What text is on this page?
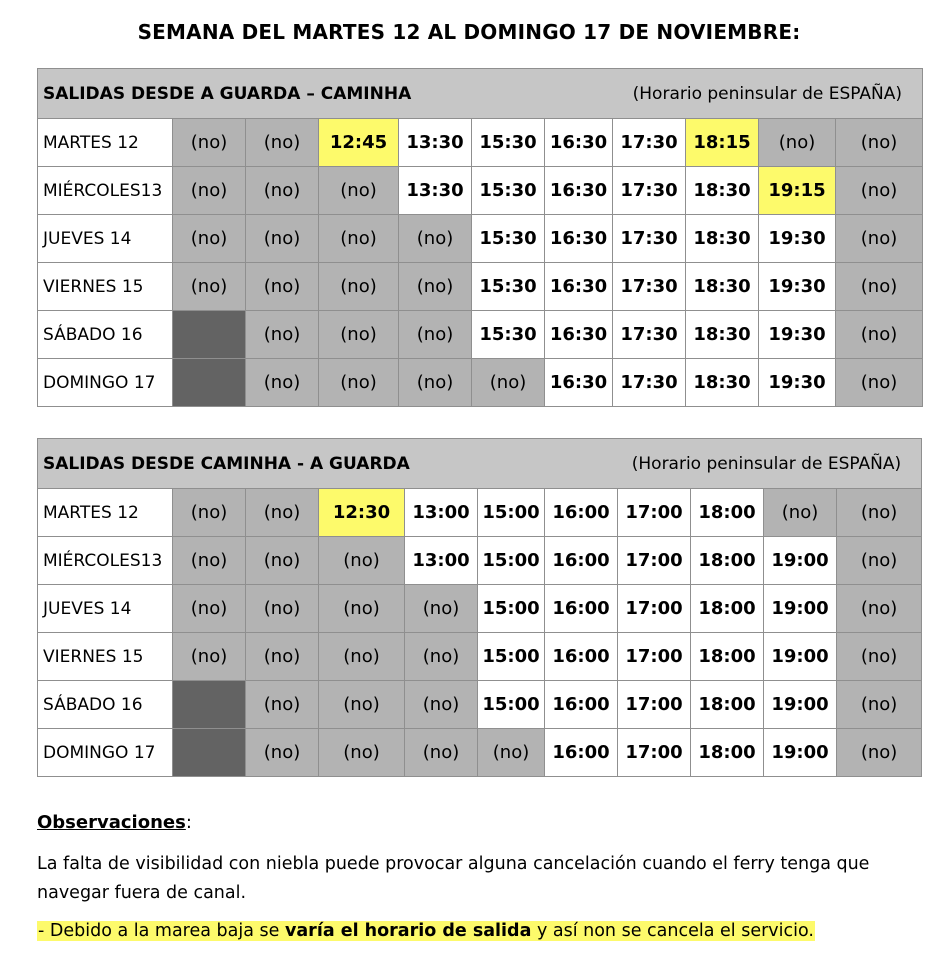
SEMANA DEL MARTES 12 AL DOMINGO 17 DE NOVIEMBRE:
SALIDAS DESDE A GUARDA – CAMINHA (Horario peninsular de ESPAÑA)										

MARTES 12	(no)	(no)	12:45	13:30	15:30	16:30	17:30	18:15	(no)	(no)
MIÉRCOLES13	(no)	(no)	(no)	13:30	15:30	16:30	17:30	18:30	19:15	(no)
JUEVES 14	(no)	(no)	(no)	(no)	15:30	16:30	17:30	18:30	19:30	(no)
VIERNES 15	(no)	(no)	(no)	(no)	15:30	16:30	17:30	18:30	19:30	(no)
SÁBADO 16		(no)	(no)	(no)	15:30	16:30	17:30	18:30	19:30	(no)
DOMINGO 17		(no)	(no)	(no)	(no)	16:30	17:30	18:30	19:30	(no)
SALIDAS DESDE CAMINHA - A GUARDA (Horario peninsular de ESPAÑA)										

MARTES 12	(no)	(no)	12:30	13:00	15:00	16:00	17:00	18:00	(no)	(no)
MIÉRCOLES13	(no)	(no)	(no)	13:00	15:00	16:00	17:00	18:00	19:00	(no)
JUEVES 14	(no)	(no)	(no)	(no)	15:00	16:00	17:00	18:00	19:00	(no)
VIERNES 15	(no)	(no)	(no)	(no)	15:00	16:00	17:00	18:00	19:00	(no)
SÁBADO 16		(no)	(no)	(no)	15:00	16:00	17:00	18:00	19:00	(no)
DOMINGO 17		(no)	(no)	(no)	(no)	16:00	17:00	18:00	19:00	(no)
Observaciones:
La falta de visibilidad con niebla puede provocar alguna cancelación cuando el ferry tenga que navegar fuera de canal.
- Debido a la marea baja se varía el horario de salida y así non se cancela el servicio.
